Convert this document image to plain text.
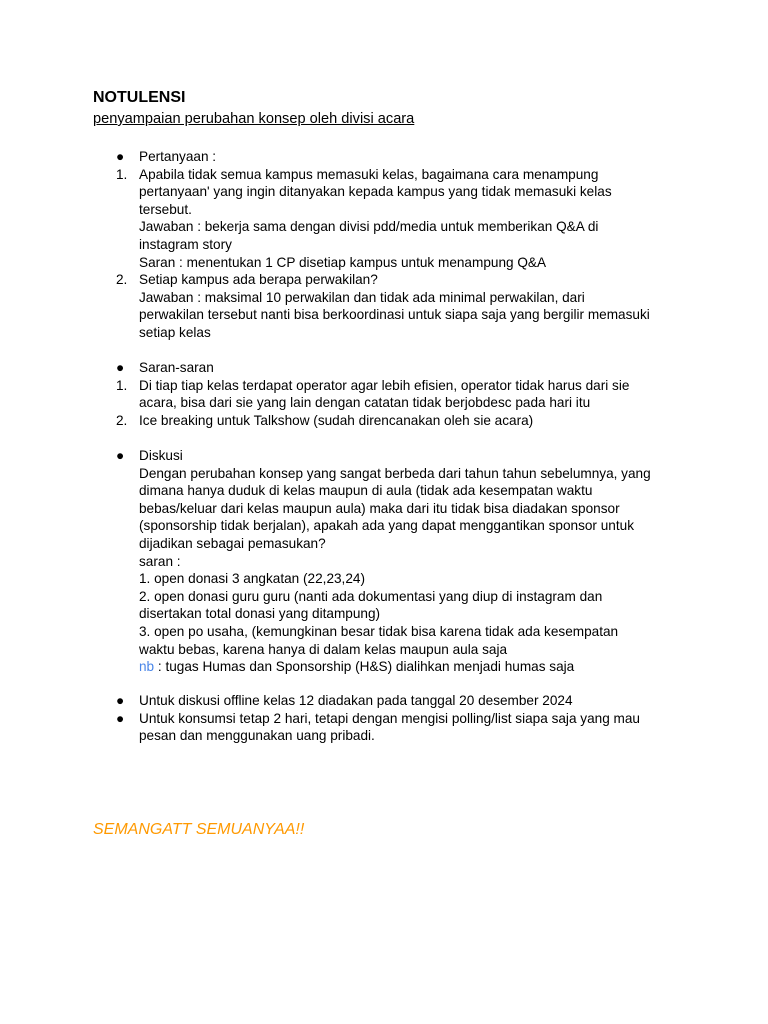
NOTULENSI
penyampaian perubahan konsep oleh divisi acara
● Pertanyaan :
1. Apabila tidak semua kampus memasuki kelas, bagaimana cara menampung
pertanyaan' yang ingin ditanyakan kepada kampus yang tidak memasuki kelas
tersebut.
Jawaban : bekerja sama dengan divisi pdd/media untuk memberikan Q&A di
instagram story
Saran : menentukan 1 CP disetiap kampus untuk menampung Q&A
2. Setiap kampus ada berapa perwakilan?
Jawaban : maksimal 10 perwakilan dan tidak ada minimal perwakilan, dari
perwakilan tersebut nanti bisa berkoordinasi untuk siapa saja yang bergilir memasuki
setiap kelas
● Saran-saran
1. Di tiap tiap kelas terdapat operator agar lebih efisien, operator tidak harus dari sie
acara, bisa dari sie yang lain dengan catatan tidak berjobdesc pada hari itu
2. Ice breaking untuk Talkshow (sudah direncanakan oleh sie acara)
● Diskusi
Dengan perubahan konsep yang sangat berbeda dari tahun tahun sebelumnya, yang
dimana hanya duduk di kelas maupun di aula (tidak ada kesempatan waktu
bebas/keluar dari kelas maupun aula) maka dari itu tidak bisa diadakan sponsor
(sponsorship tidak berjalan), apakah ada yang dapat menggantikan sponsor untuk
dijadikan sebagai pemasukan?
saran :
1. open donasi 3 angkatan (22,23,24)
2. open donasi guru guru (nanti ada dokumentasi yang diup di instagram dan
disertakan total donasi yang ditampung)
3. open po usaha, (kemungkinan besar tidak bisa karena tidak ada kesempatan
waktu bebas, karena hanya di dalam kelas maupun aula saja
nb : tugas Humas dan Sponsorship (H&S) dialihkan menjadi humas saja
● Untuk diskusi offline kelas 12 diadakan pada tanggal 20 desember 2024
● Untuk konsumsi tetap 2 hari, tetapi dengan mengisi polling/list siapa saja yang mau
pesan dan menggunakan uang pribadi.
SEMANGATT SEMUANYAA!!
